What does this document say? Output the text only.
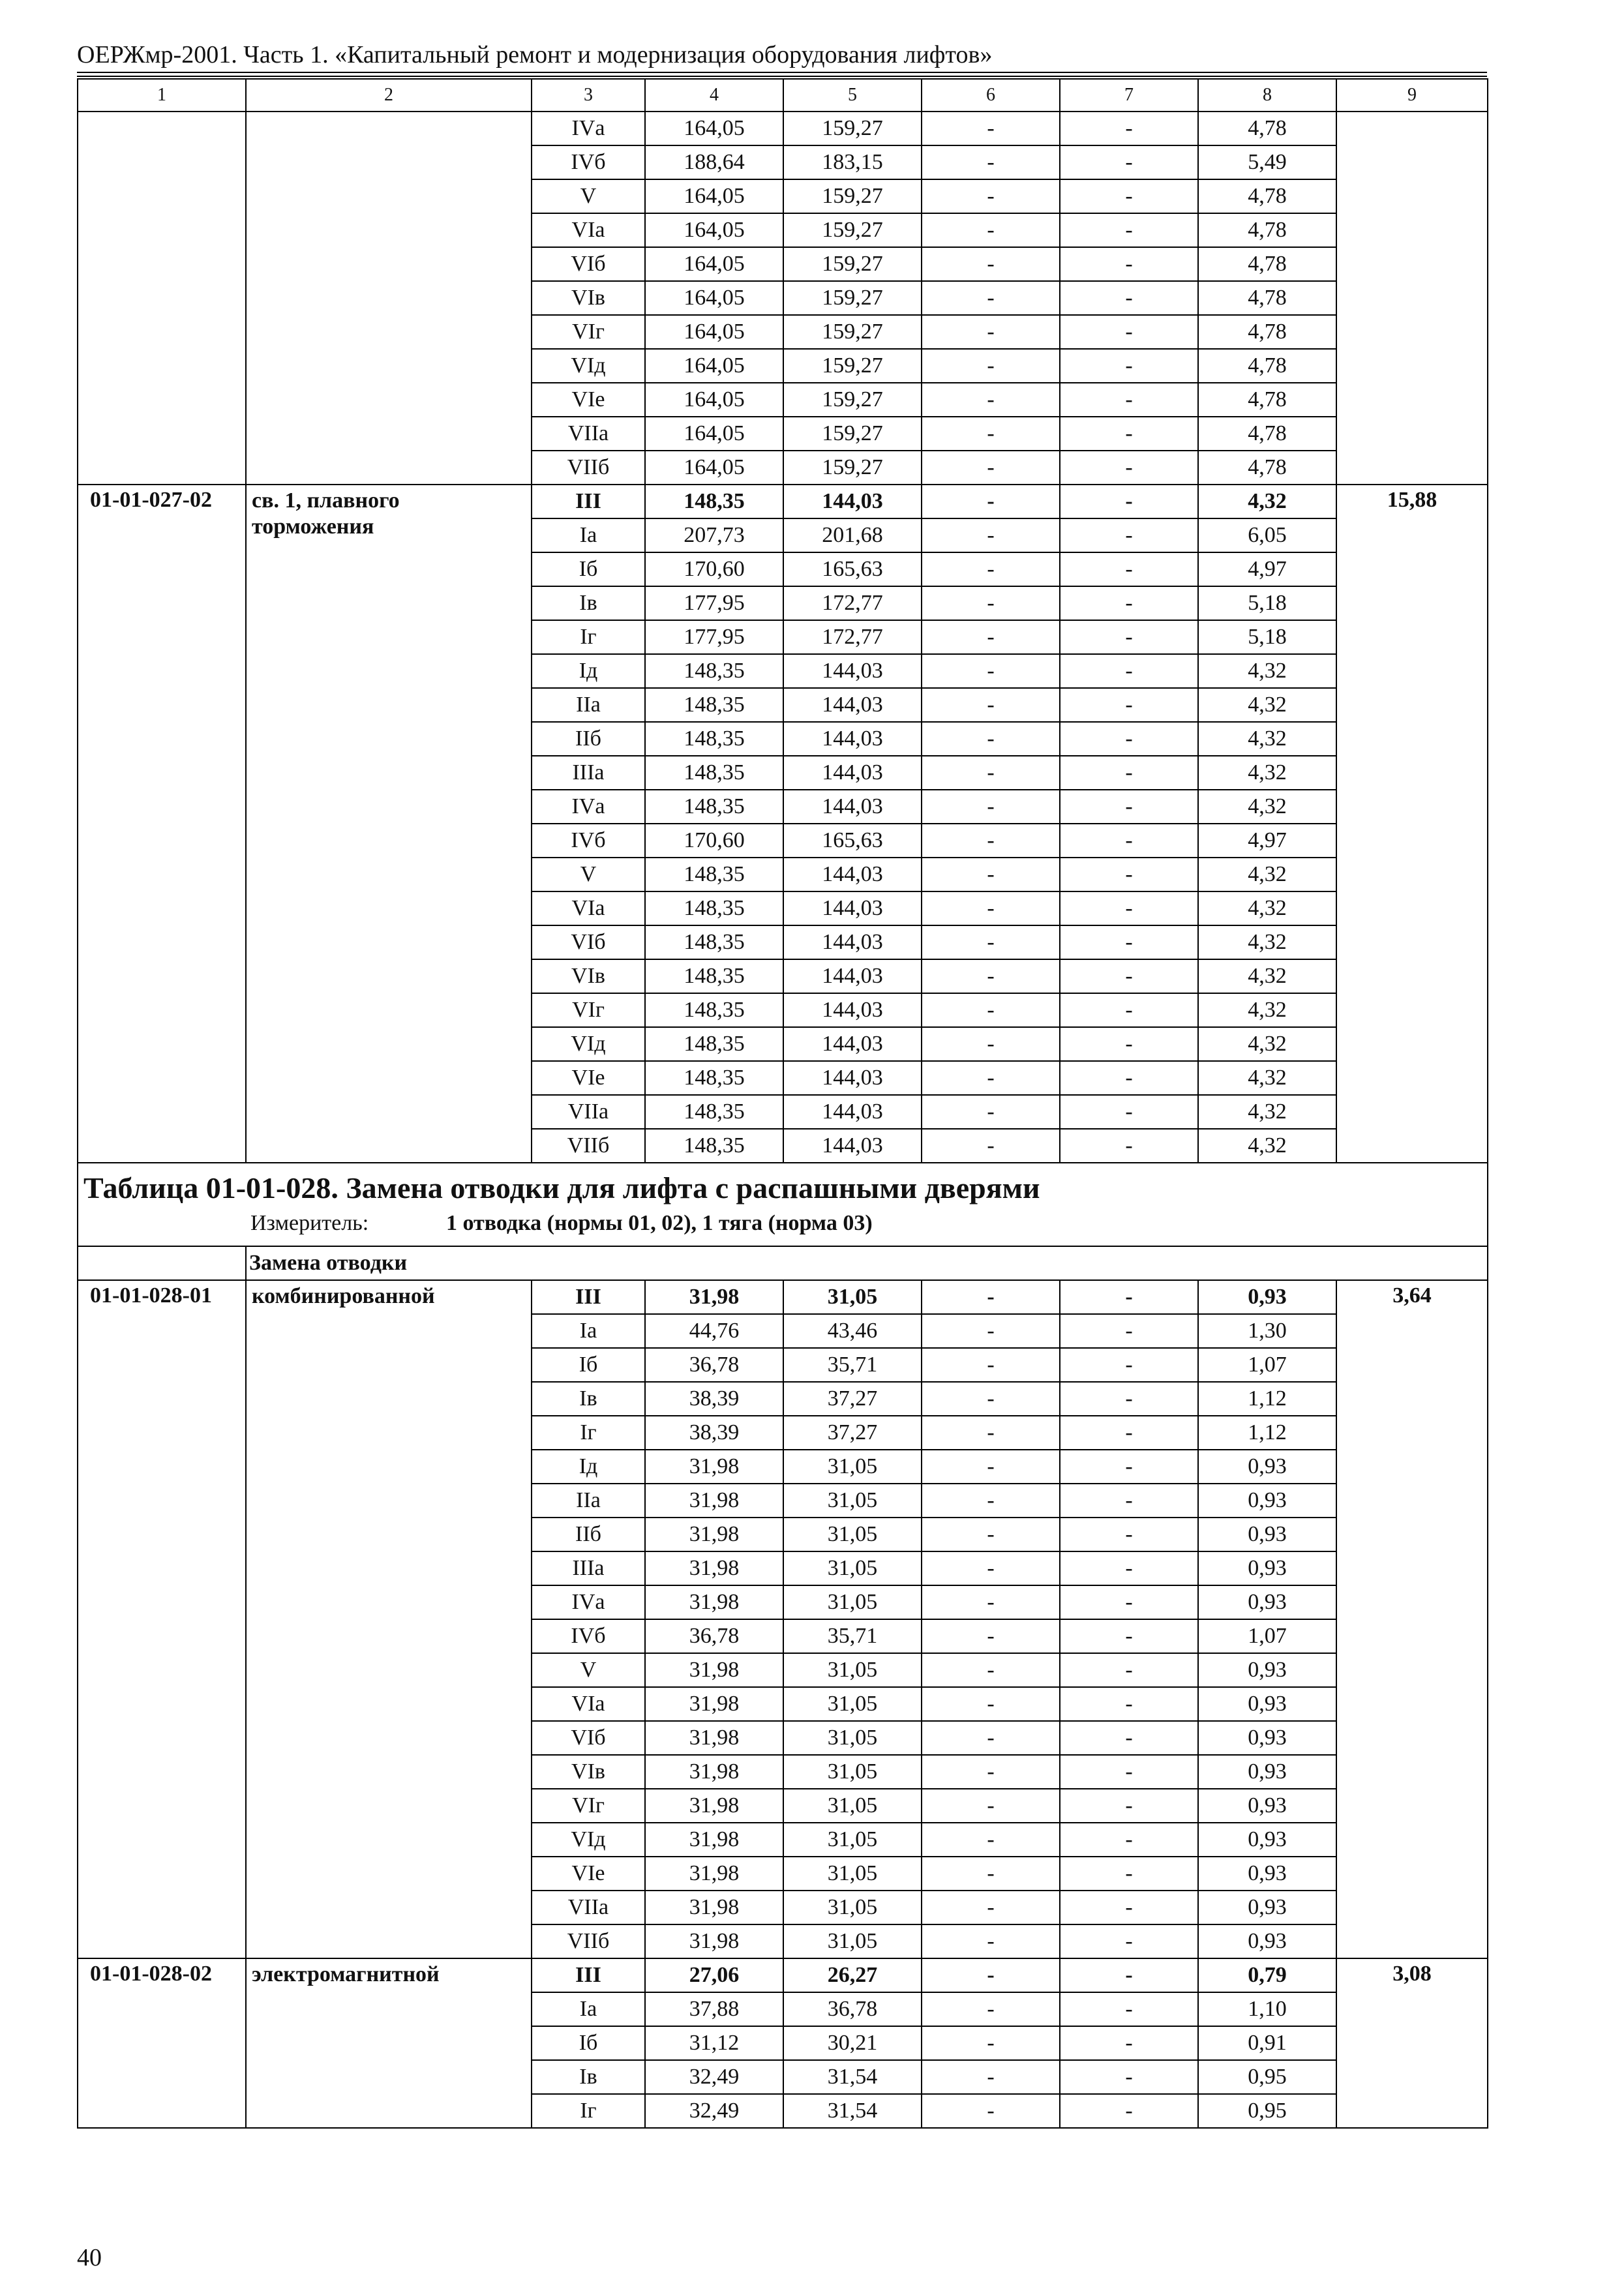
ОЕРЖмр-2001. Часть 1. «Капитальный ремонт и модернизация оборудования лифтов»
1	2	3	4	5	6	7	8	9
		IVа	164,05	159,27	-	-	4,78	
		IVб	188,64	183,15	-	-	5,49	
		V	164,05	159,27	-	-	4,78	
		VIа	164,05	159,27	-	-	4,78	
		VIб	164,05	159,27	-	-	4,78	
		VIв	164,05	159,27	-	-	4,78	
		VIг	164,05	159,27	-	-	4,78	
		VIд	164,05	159,27	-	-	4,78	
		VIе	164,05	159,27	-	-	4,78	
		VIIа	164,05	159,27	-	-	4,78	
		VIIб	164,05	159,27	-	-	4,78	
01-01-027-02	св. 1, плавного торможения	III	148,35	144,03	-	-	4,32	15,88
		Iа	207,73	201,68	-	-	6,05	
		Iб	170,60	165,63	-	-	4,97	
		Iв	177,95	172,77	-	-	5,18	
		Iг	177,95	172,77	-	-	5,18	
		Iд	148,35	144,03	-	-	4,32	
		IIа	148,35	144,03	-	-	4,32	
		IIб	148,35	144,03	-	-	4,32	
		IIIа	148,35	144,03	-	-	4,32	
		IVа	148,35	144,03	-	-	4,32	
		IVб	170,60	165,63	-	-	4,97	
		V	148,35	144,03	-	-	4,32	
		VIа	148,35	144,03	-	-	4,32	
		VIб	148,35	144,03	-	-	4,32	
		VIв	148,35	144,03	-	-	4,32	
		VIг	148,35	144,03	-	-	4,32	
		VIд	148,35	144,03	-	-	4,32	
		VIе	148,35	144,03	-	-	4,32	
		VIIа	148,35	144,03	-	-	4,32	
		VIIб	148,35	144,03	-	-	4,32	

Таблица 01-01-028. Замена отводки для лифта с распашными дверями
Измеритель: 1 отводка (нормы 01, 02), 1 тяга (норма 03)								

	Замена отводки							
01-01-028-01	комбинированной	III	31,98	31,05	-	-	0,93	3,64
		Iа	44,76	43,46	-	-	1,30	
		Iб	36,78	35,71	-	-	1,07	
		Iв	38,39	37,27	-	-	1,12	
		Iг	38,39	37,27	-	-	1,12	
		Iд	31,98	31,05	-	-	0,93	
		IIа	31,98	31,05	-	-	0,93	
		IIб	31,98	31,05	-	-	0,93	
		IIIа	31,98	31,05	-	-	0,93	
		IVа	31,98	31,05	-	-	0,93	
		IVб	36,78	35,71	-	-	1,07	
		V	31,98	31,05	-	-	0,93	
		VIа	31,98	31,05	-	-	0,93	
		VIб	31,98	31,05	-	-	0,93	
		VIв	31,98	31,05	-	-	0,93	
		VIг	31,98	31,05	-	-	0,93	
		VIд	31,98	31,05	-	-	0,93	
		VIе	31,98	31,05	-	-	0,93	
		VIIа	31,98	31,05	-	-	0,93	
		VIIб	31,98	31,05	-	-	0,93	
01-01-028-02	электромагнитной	III	27,06	26,27	-	-	0,79	3,08
		Iа	37,88	36,78	-	-	1,10	
		Iб	31,12	30,21	-	-	0,91	
		Iв	32,49	31,54	-	-	0,95	
		Iг	32,49	31,54	-	-	0,95	
40
